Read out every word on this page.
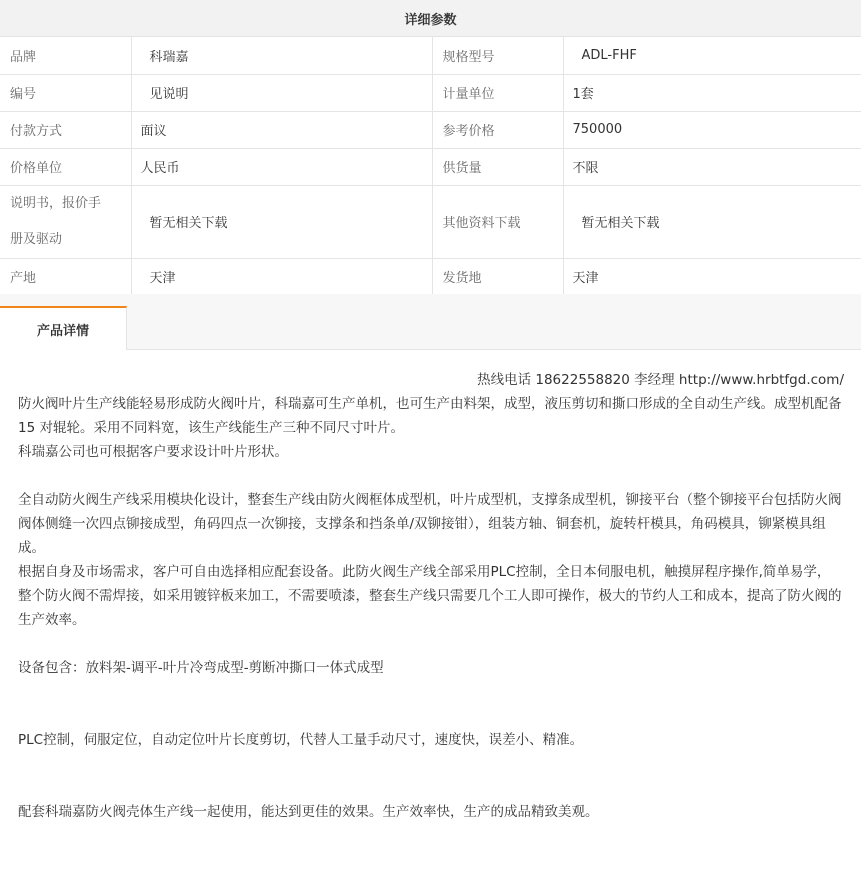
详细参数
品牌	科瑞嘉	规格型号	ADL-FHF
编号	见说明	计量单位	1套
付款方式	面议	参考价格	750000
价格单位	人民币	供货量	不限

说明书，报价手
册及驱动	暂无相关下载	其他资料下载	暂无相关下载
产地	天津	发货地	天津
产品详情
热线电话 18622558820 李经理 http://www.hrbtfgd.com/

防火阀叶片生产线能轻易形成防火阀叶片，科瑞嘉可生产单机，也可生产由料架，成型，液压剪切和撕口形成的全自动生产线。成型机配备15 对辊轮。采用不同料宽，该生产线能生产三种不同尺寸叶片。

科瑞嘉公司也可根据客户要求设计叶片形状。

全自动防火阀生产线采用模块化设计，整套生产线由防火阀框体成型机，叶片成型机，支撑条成型机，铆接平台（整个铆接平台包括防火阀阀体侧缝一次四点铆接成型，角码四点一次铆接，支撑条和挡条单/双铆接钳），组装方轴、铜套机，旋转杆模具，角码模具，铆紧模具组成。

根据自身及市场需求，客户可自由选择相应配套设备。此防火阀生产线全部采用PLC控制，全日本伺服电机，触摸屏程序操作,简单易学，

整个防火阀不需焊接，如采用镀锌板来加工，不需要喷漆，整套生产线只需要几个工人即可操作，极大的节约人工和成本，提高了防火阀的生产效率。

设备包含：放料架-调平-叶片冷弯成型-剪断冲撕口一体式成型

PLC控制，伺服定位，自动定位叶片长度剪切，代替人工量手动尺寸，速度快，误差小、精准。

配套科瑞嘉防火阀壳体生产线一起使用，能达到更佳的效果。生产效率快，生产的成品精致美观。
